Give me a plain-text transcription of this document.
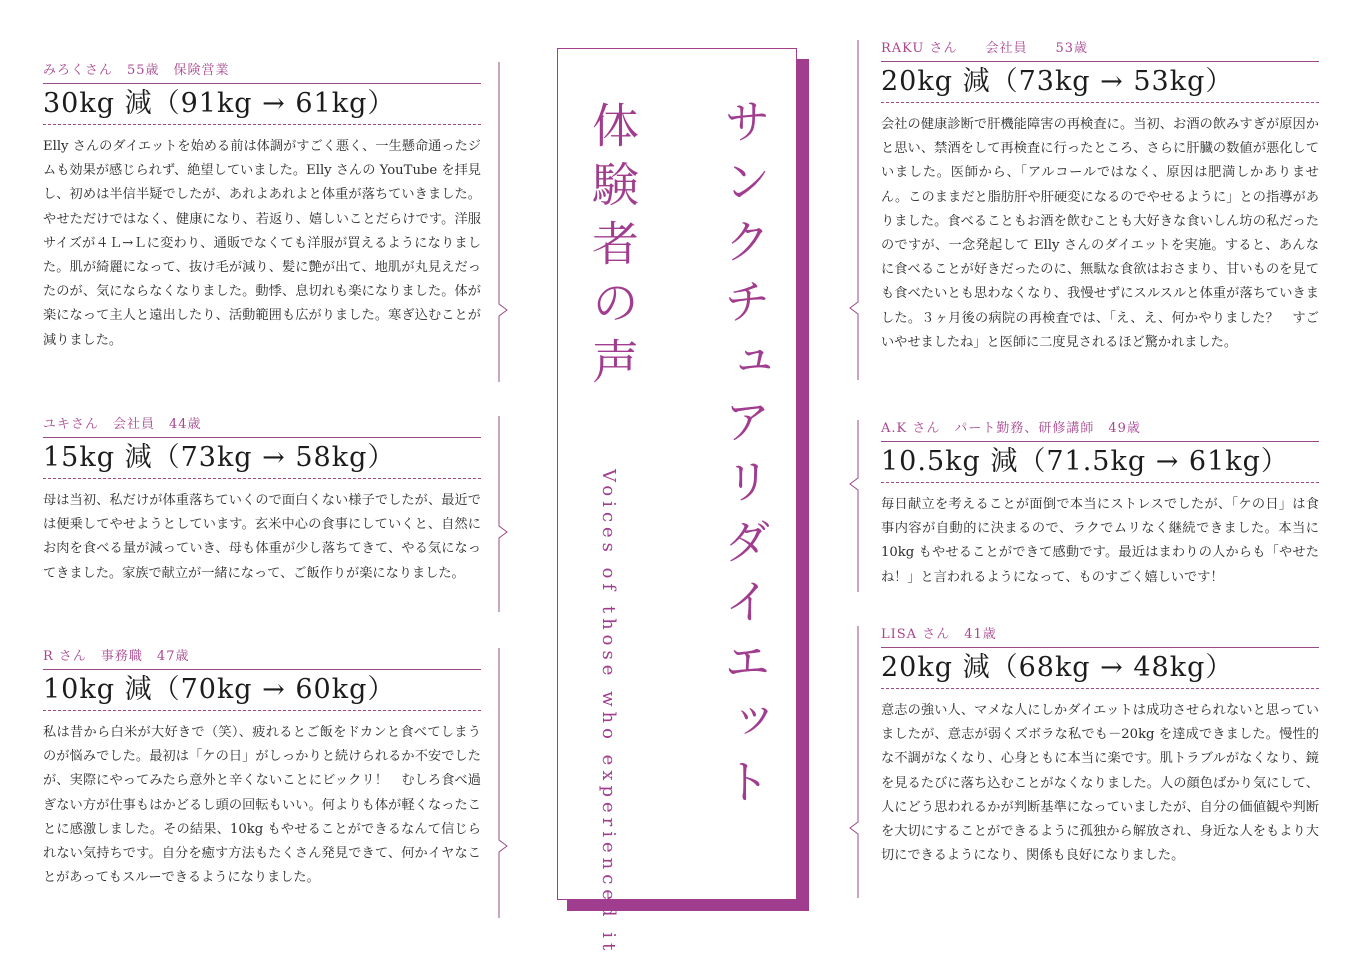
サンクチュアリダイエット
体験者の声
Voices of those who experienced it
みろくさん　55歳　保険営業
30kg 減（91kg → 61kg）
Elly さんのダイエットを始める前は体調がすごく悪く、一生懸命通ったジムも効果が感じられず、絶望していました。Elly さんの YouTube を拝見し、初めは半信半疑でしたが、あれよあれよと体重が落ちていきました。やせただけではなく、健康になり、若返り、嬉しいことだらけです。洋服サイズが４Ｌ→Ｌに変わり、通販でなくても洋服が買えるようになりました。肌が綺麗になって、抜け毛が減り、髪に艶が出て、地肌が丸見えだったのが、気にならなくなりました。動悸、息切れも楽になりました。体が楽になって主人と遠出したり、活動範囲も広がりました。寒ぎ込むことが減りました。
ユキさん　会社員　44歳
15kg 減（73kg → 58kg）
母は当初、私だけが体重落ちていくので面白くない様子でしたが、最近では便乗してやせようとしています。玄米中心の食事にしていくと、自然にお肉を食べる量が減っていき、母も体重が少し落ちてきて、やる気になってきました。家族で献立が一緒になって、ご飯作りが楽になりました。
R さん　事務職　47歳
10kg 減（70kg → 60kg）
私は昔から白米が大好きで（笑）、疲れるとご飯をドカンと食べてしまうのが悩みでした。最初は「ケの日」がしっかりと続けられるか不安でしたが、実際にやってみたら意外と辛くないことにビックリ！　むしろ食べ過ぎない方が仕事もはかどるし頭の回転もいい。何よりも体が軽くなったことに感激しました。その結果、10kg もやせることができるなんて信じられない気持ちです。自分を癒す方法もたくさん発見できて、何かイヤなことがあってもスルーできるようになりました。
RAKU さん　　会社員　　53歳
20kg 減（73kg → 53kg）
会社の健康診断で肝機能障害の再検査に。当初、お酒の飲みすぎが原因かと思い、禁酒をして再検査に行ったところ、さらに肝臓の数値が悪化していました。医師から、「アルコールではなく、原因は肥満しかありません。このままだと脂肪肝や肝硬変になるのでやせるように」との指導がありました。食べることもお酒を飲むことも大好きな食いしん坊の私だったのですが、一念発起して Elly さんのダイエットを実施。すると、あんなに食べることが好きだったのに、無駄な食欲はおさまり、甘いものを見ても食べたいとも思わなくなり、我慢せずにスルスルと体重が落ちていきました。３ヶ月後の病院の再検査では、「え、え、何かやりました？　すごいやせましたね」と医師に二度見されるほど驚かれました。
A.K さん　パート勤務、研修講師　49歳
10.5kg 減（71.5kg → 61kg）
毎日献立を考えることが面倒で本当にストレスでしたが、「ケの日」は食事内容が自動的に決まるので、ラクでムリなく継続できました。本当に 10kg もやせることができて感動です。最近はまわりの人からも「やせたね！」と言われるようになって、ものすごく嬉しいです！
LISA さん　41歳
20kg 減（68kg → 48kg）
意志の強い人、マメな人にしかダイエットは成功させられないと思っていましたが、意志が弱くズボラな私でも－20kg を達成できました。慢性的な不調がなくなり、心身ともに本当に楽です。肌トラブルがなくなり、鏡を見るたびに落ち込むことがなくなりました。人の顔色ばかり気にして、人にどう思われるかが判断基準になっていましたが、自分の価値観や判断を大切にすることができるように孤独から解放され、身近な人をもより大切にできるようになり、関係も良好になりました。
